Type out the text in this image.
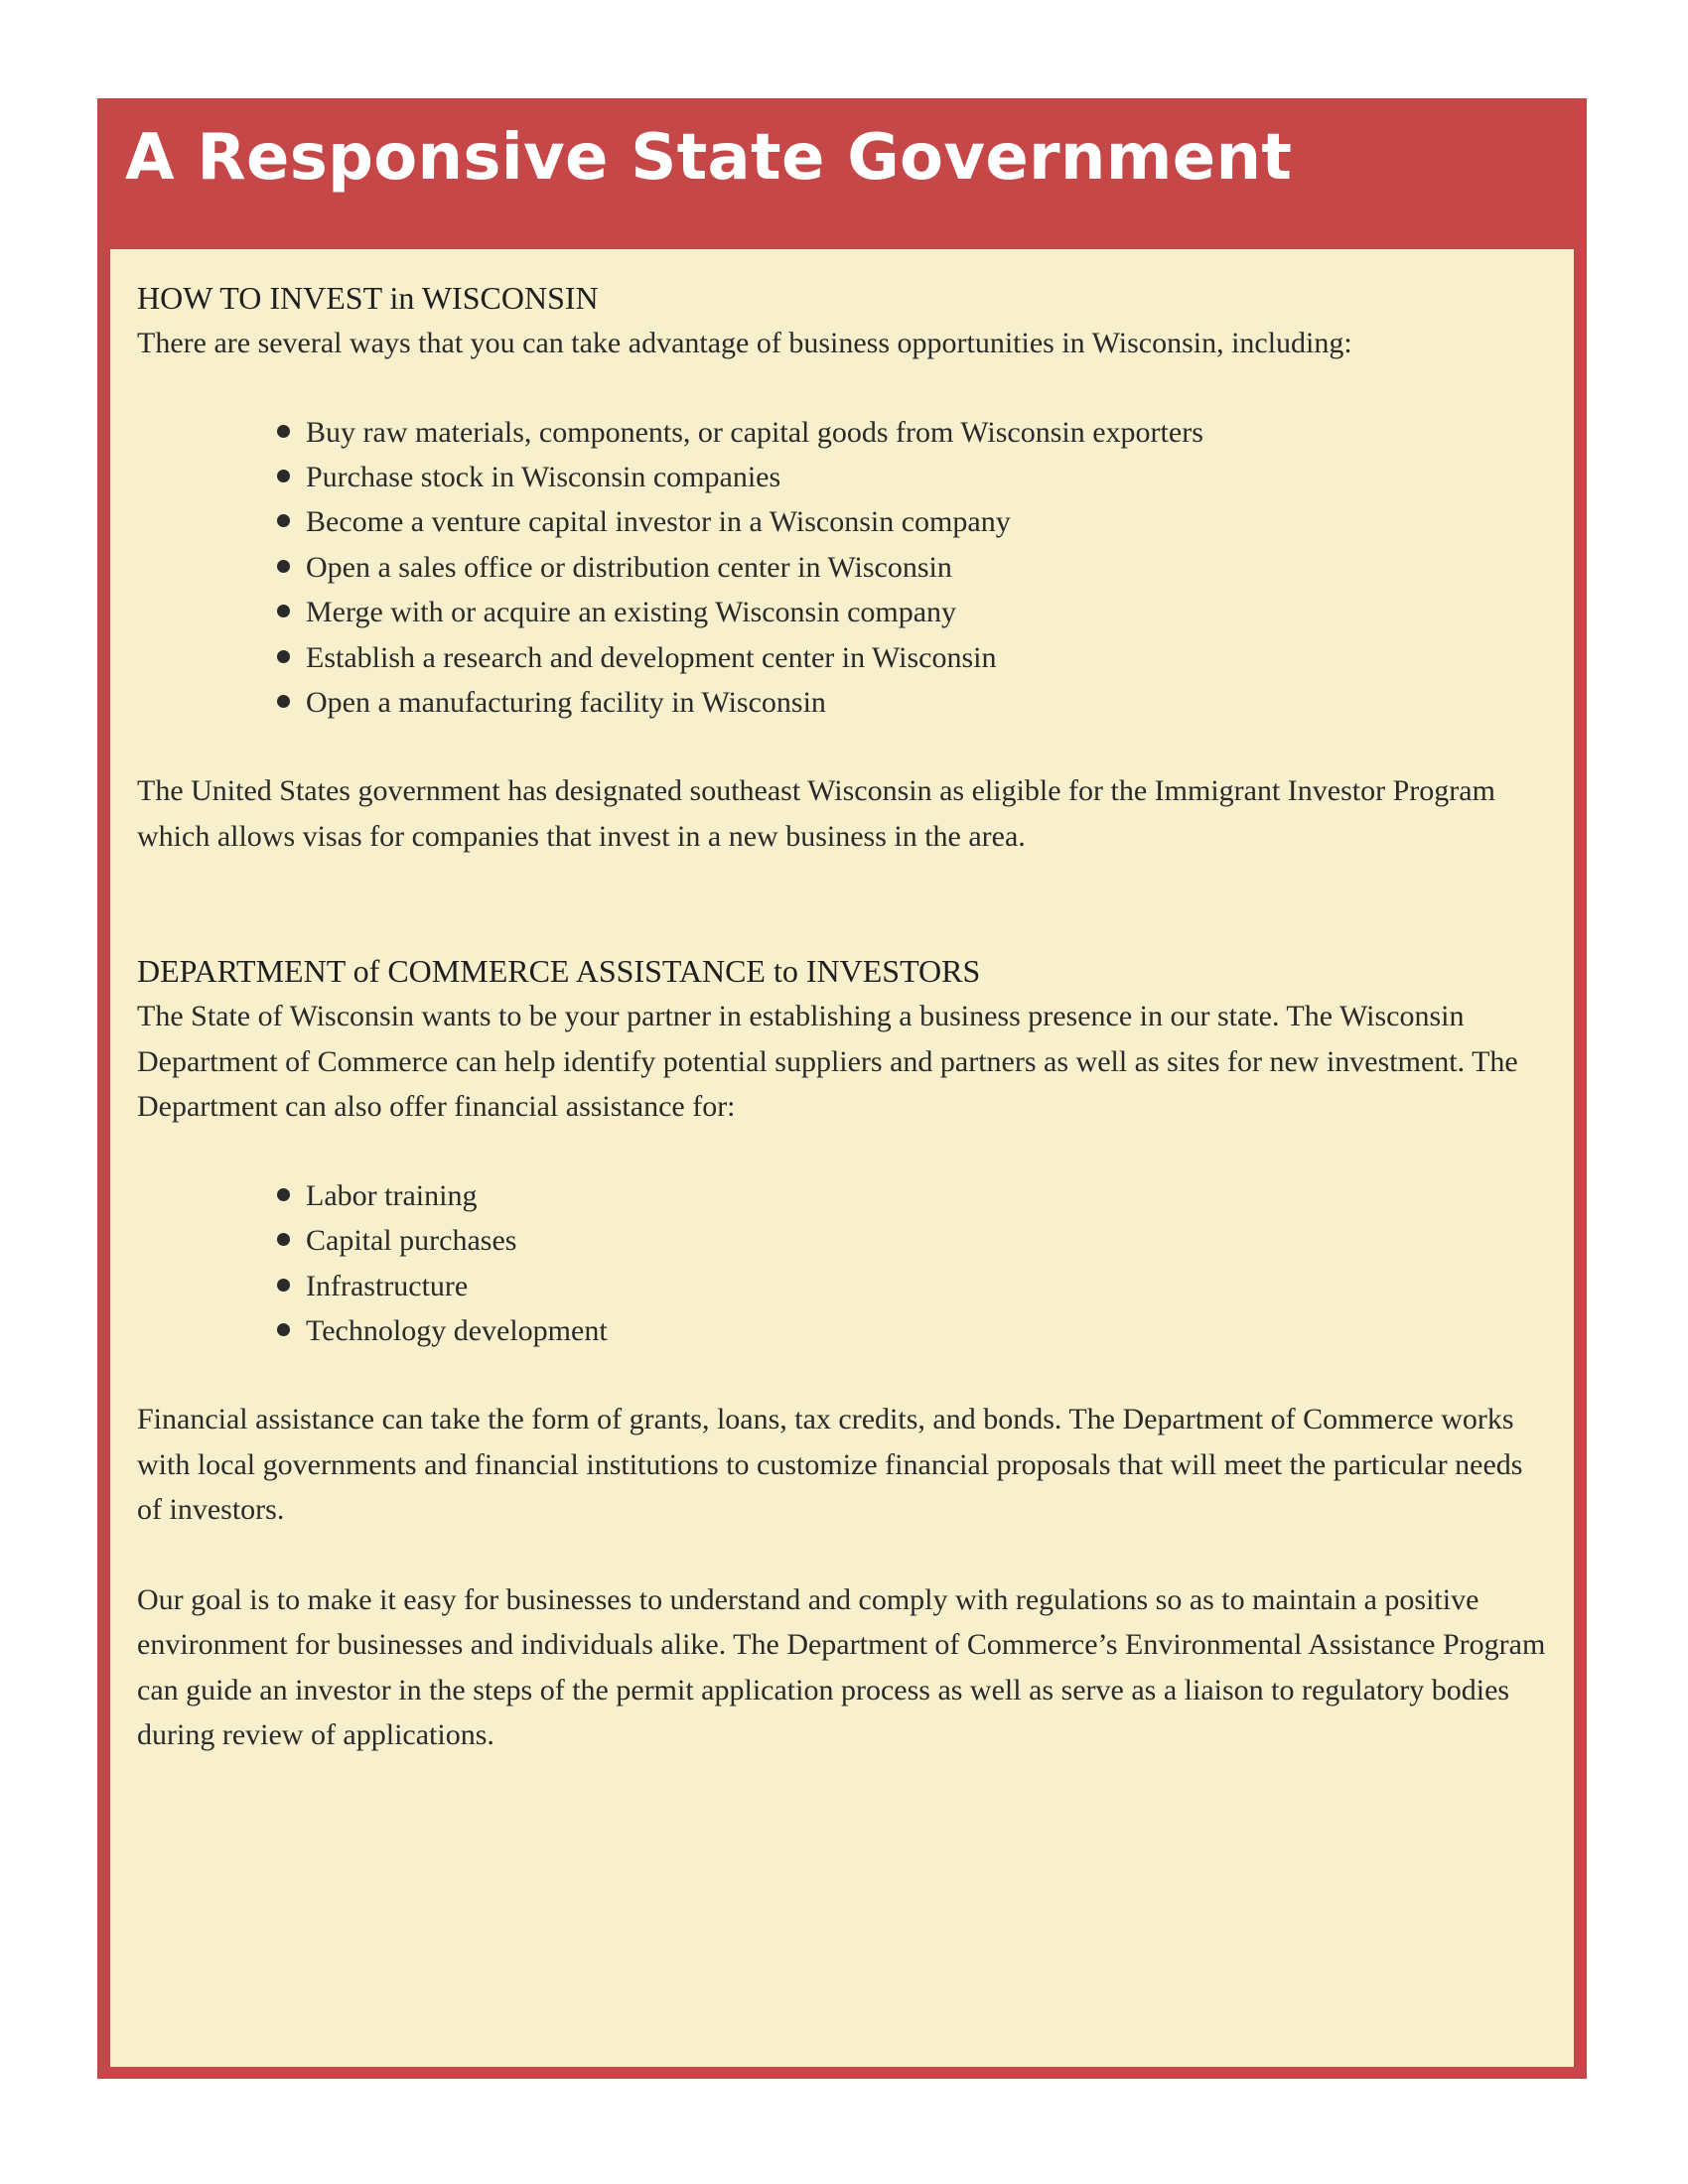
A Responsive State Government
HOW TO INVEST in WISCONSIN

There are several ways that you can take advantage of business opportunities in Wisconsin, including:

Buy raw materials, components, or capital goods from Wisconsin exporters
Purchase stock in Wisconsin companies
Become a venture capital investor in a Wisconsin company
Open a sales office or distribution center in Wisconsin
Merge with or acquire an existing Wisconsin company
Establish a research and development center in Wisconsin
Open a manufacturing facility in Wisconsin

The United States government has designated southeast Wisconsin as eligible for the Immigrant Investor Program which allows visas for companies that invest in a new business in the area.

DEPARTMENT of COMMERCE ASSISTANCE to INVESTORS

The State of Wisconsin wants to be your partner in establishing a business presence in our state. The Wisconsin Department of Commerce can help identify potential suppliers and partners as well as sites for new investment. The Department can also offer financial assistance for:

Labor training
Capital purchases
Infrastructure
Technology development

Financial assistance can take the form of grants, loans, tax credits, and bonds. The Department of Commerce works with local governments and financial institutions to customize financial proposals that will meet the particular needs of investors.

Our goal is to make it easy for businesses to understand and comply with regulations so as to maintain a positive environment for businesses and individuals alike. The Department of Commerce’s Environmental Assistance Program can guide an investor in the steps of the permit application process as well as serve as a liaison to regulatory bodies during review of applications.
